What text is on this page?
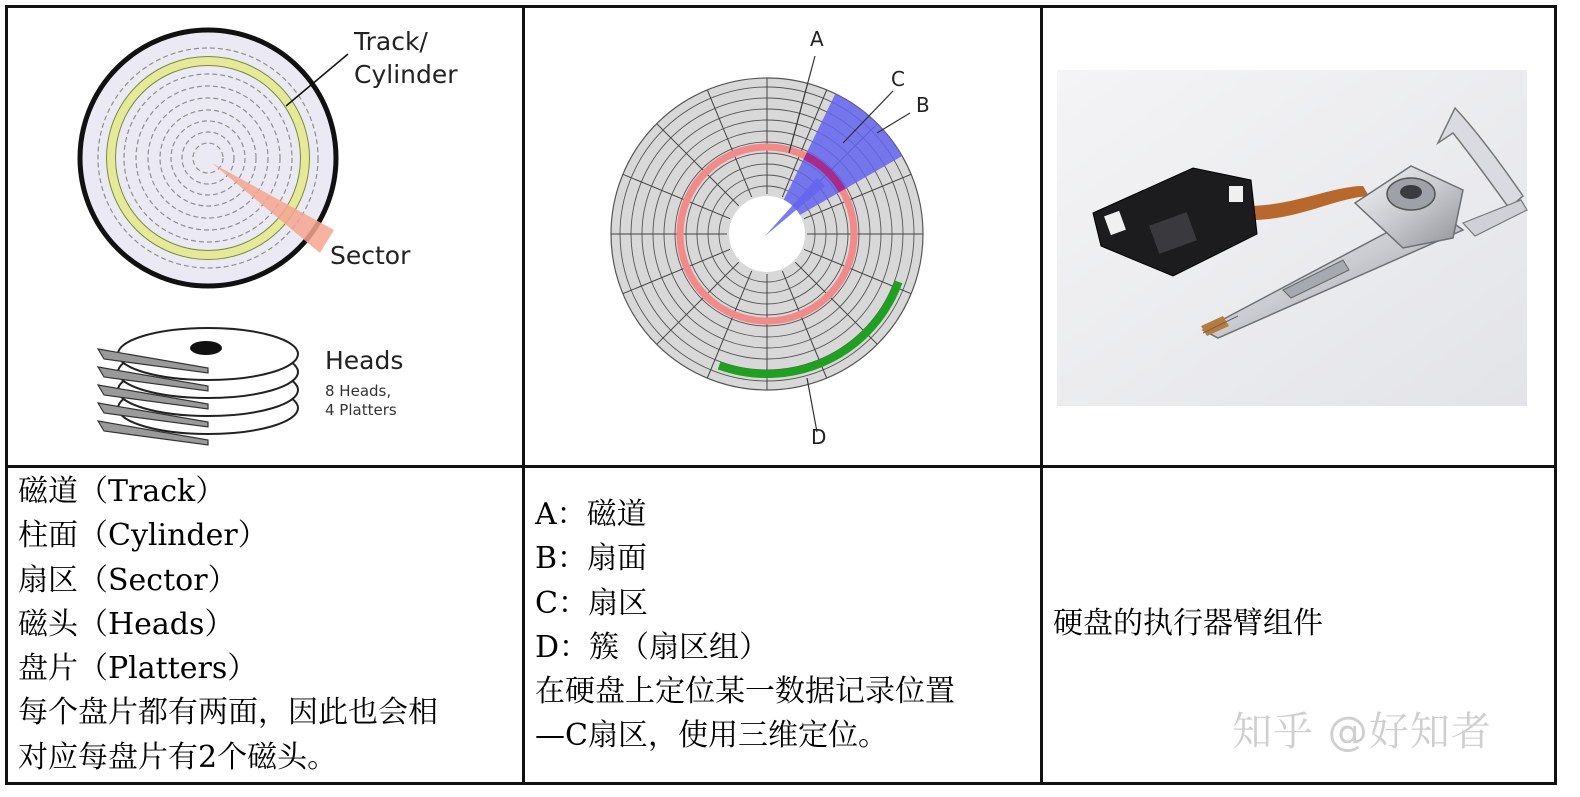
Track/
Cylinder
Sector
Heads
8 Heads,
4 Platters
A
C
B
D
磁道（Track）
柱面（Cylinder）
扇区（Sector）
磁头（Heads）
盘片（Platters）
每个盘片都有两面，因此也会相
对应每盘片有2个磁头。
A：磁道
B：扇面
C：扇区
D：簇（扇区组）
在硬盘上定位某一数据记录位置
—C扇区，使用三维定位。
硬盘的执行器臂组件
知乎 @好知者
